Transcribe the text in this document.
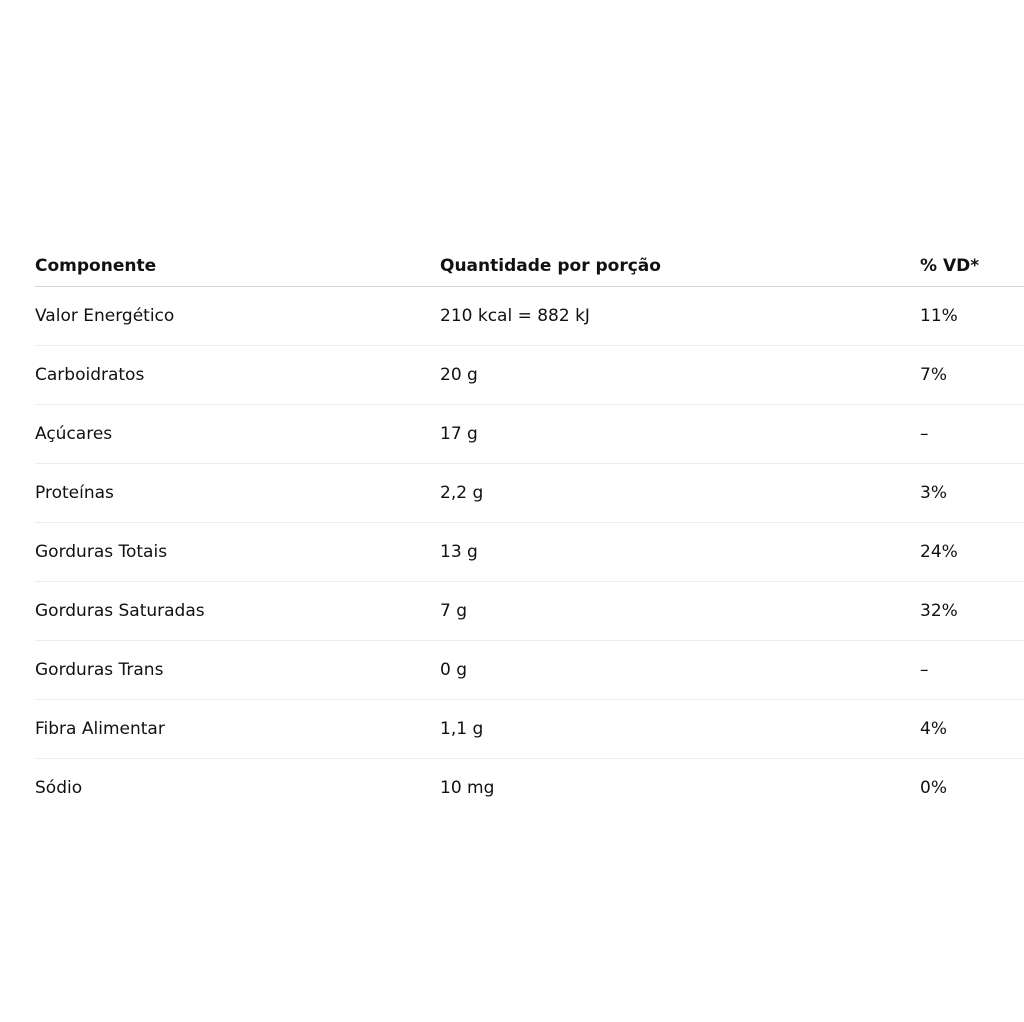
Componente	Quantidade por porção	% VD*
Valor Energético	210 kcal = 882 kJ	11%
Carboidratos	20 g	7%
Açúcares	17 g	–
Proteínas	2,2 g	3%
Gorduras Totais	13 g	24%
Gorduras Saturadas	7 g	32%
Gorduras Trans	0 g	–
Fibra Alimentar	1,1 g	4%
Sódio	10 mg	0%
